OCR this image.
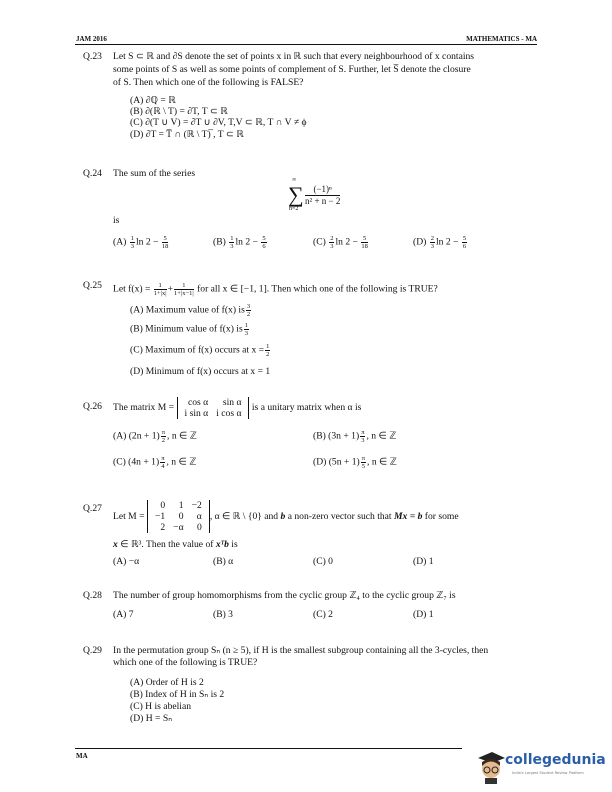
JAM 2016	MATHEMATICS - MA
Q.23 Let S ⊂ ℝ and ∂S denote the set of points x in ℝ such that every neighbourhood of x contains
some points of S as well as some points of complement of S. Further, let S̅ denote the closure
of S. Then which one of the following is FALSE?
(A) ∂ℚ = ℝ
(B) ∂(ℝ \ T) = ∂T, T ⊂ ℝ
(C) ∂(T ∪ V) = ∂T ∪ ∂V, T,V ⊂ ℝ, T ∩ V ≠ ϕ
(D) ∂T = T̅ ∩ (ℝ \ T)̅ , T ⊂ ℝ
Q.24 The sum of the series
∞
∑
n=2
$\frac{\text{(−1)ⁿ}}{\text{n² + n − 2}}$
is
$(A) \frac{1}{3}$ $\ln 2 - \frac{5}{18}$	$(B) \frac{1}{3}$ $\ln 2 - \frac{5}{6}$	$(C) \frac{2}{3}$ $\ln 2 - \frac{5}{18}$	$(D) \frac{2}{3}$ $\ln 2 - \frac{5}{6}$
Q.25 Let $f(x) = \frac{1}{1+|x|} + \frac{1}{1+|x-1|}$ for all x ∈ [−1, 1]. Then which one of the following is TRUE?
(A) Maximum value of f(x) is $\frac{3}{2}$
(B) Minimum value of f(x) is $\frac{1}{3}$
(C) Maximum of f(x) occurs at $x = \frac{1}{2}$
(D) Minimum of f(x) occurs at x = 1
Q.26 The matrix M = cos α	sin α
i sin α	i cos α
is a unitary matrix when α is
(A) $(2n + 1) \frac{\pi}{2}$ , n ∈ ℤ	(B) $(3n + 1) \frac{\pi}{3}$ , n ∈ ℤ
(C) $(4n + 1) \frac{\pi}{4}$ , n ∈ ℤ	(D) $(5n + 1) \frac{\pi}{5}$ , n ∈ ℤ
Q.27
Let M =
0	1	−2
−1	0	α
2	−α	0
, α ∈ ℝ \ {0} and b a non-zero vector such that Mx = b for some
x ∈ ℝ³. Then the value of xᵀb is
(A) −α	(B) α	(C) 0	(D) 1
Q.28 The number of group homomorphisms from the cyclic group ℤ₄ to the cyclic group ℤ₇ is
(A) 7	(B) 3	(C) 2	(D) 1
Q.29 In the permutation group Sₙ (n ≥ 5), if H is the smallest subgroup containing all the 3-cycles, then
which one of the following is TRUE?
(A) Order of H is 2
(B) Index of H in Sₙ is 2
(C) H is abelian
(D) H = Sₙ
MA	collegedunia
India's Largest Student Review Platform
